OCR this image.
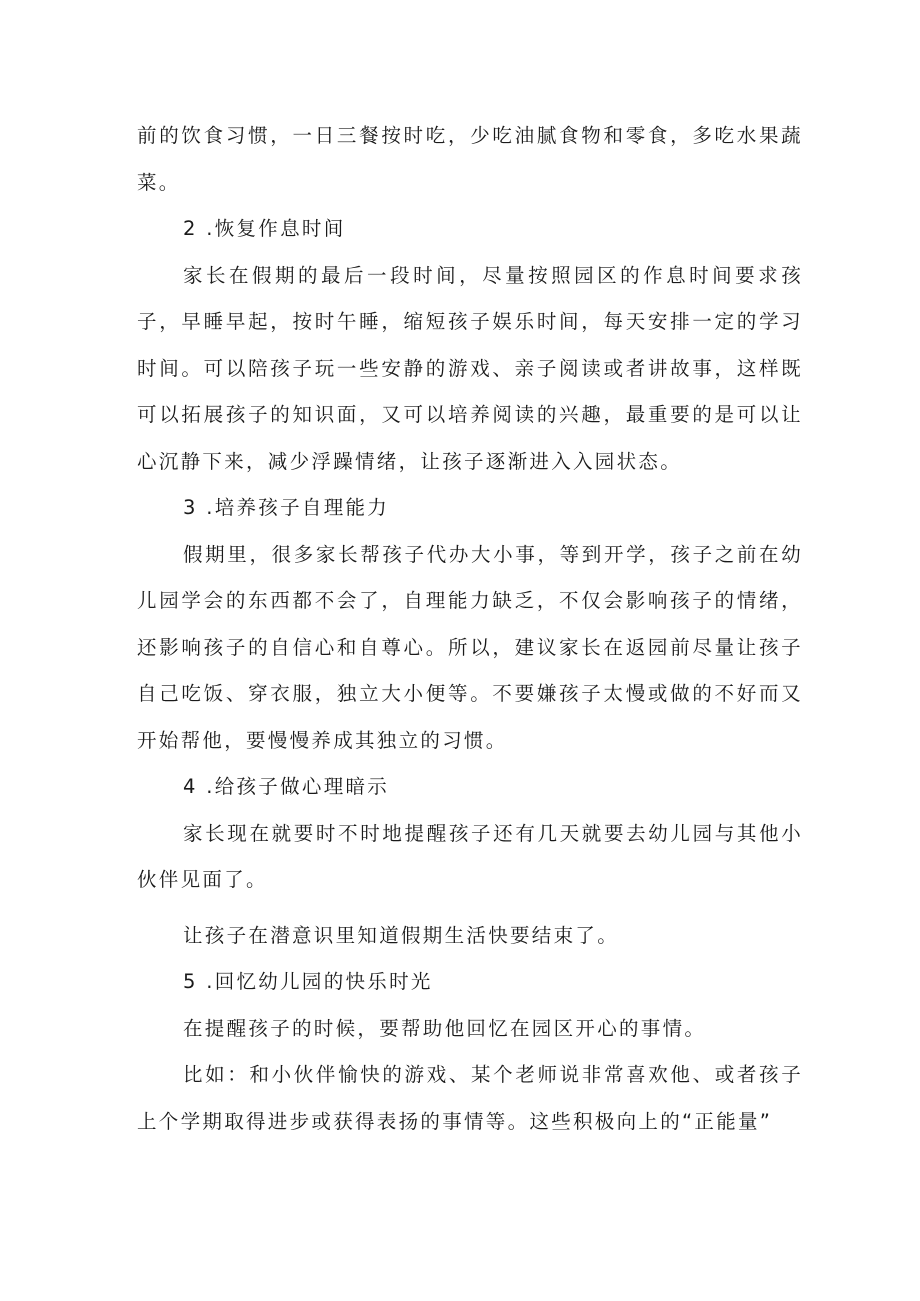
前的饮食习惯，一日三餐按时吃，少吃油腻食物和零食，多吃水果蔬菜。

2 .恢复作息时间

家长在假期的最后一段时间，尽量按照园区的作息时间要求孩子，早睡早起，按时午睡，缩短孩子娱乐时间，每天安排一定的学习时间。可以陪孩子玩一些安静的游戏、亲子阅读或者讲故事，这样既可以拓展孩子的知识面，又可以培养阅读的兴趣，最重要的是可以让心沉静下来，减少浮躁情绪，让孩子逐渐进入入园状态。

3 .培养孩子自理能力

假期里，很多家长帮孩子代办大小事，等到开学，孩子之前在幼儿园学会的东西都不会了，自理能力缺乏，不仅会影响孩子的情绪，还影响孩子的自信心和自尊心。所以，建议家长在返园前尽量让孩子自己吃饭、穿衣服，独立大小便等。不要嫌孩子太慢或做的不好而又开始帮他，要慢慢养成其独立的习惯。

4 .给孩子做心理暗示

家长现在就要时不时地提醒孩子还有几天就要去幼儿园与其他小伙伴见面了。

让孩子在潜意识里知道假期生活快要结束了。

5 .回忆幼儿园的快乐时光

在提醒孩子的时候，要帮助他回忆在园区开心的事情。

比如：和小伙伴愉快的游戏、某个老师说非常喜欢他、或者孩子上个学期取得进步或获得表扬的事情等。这些积极向上的“正能量”
